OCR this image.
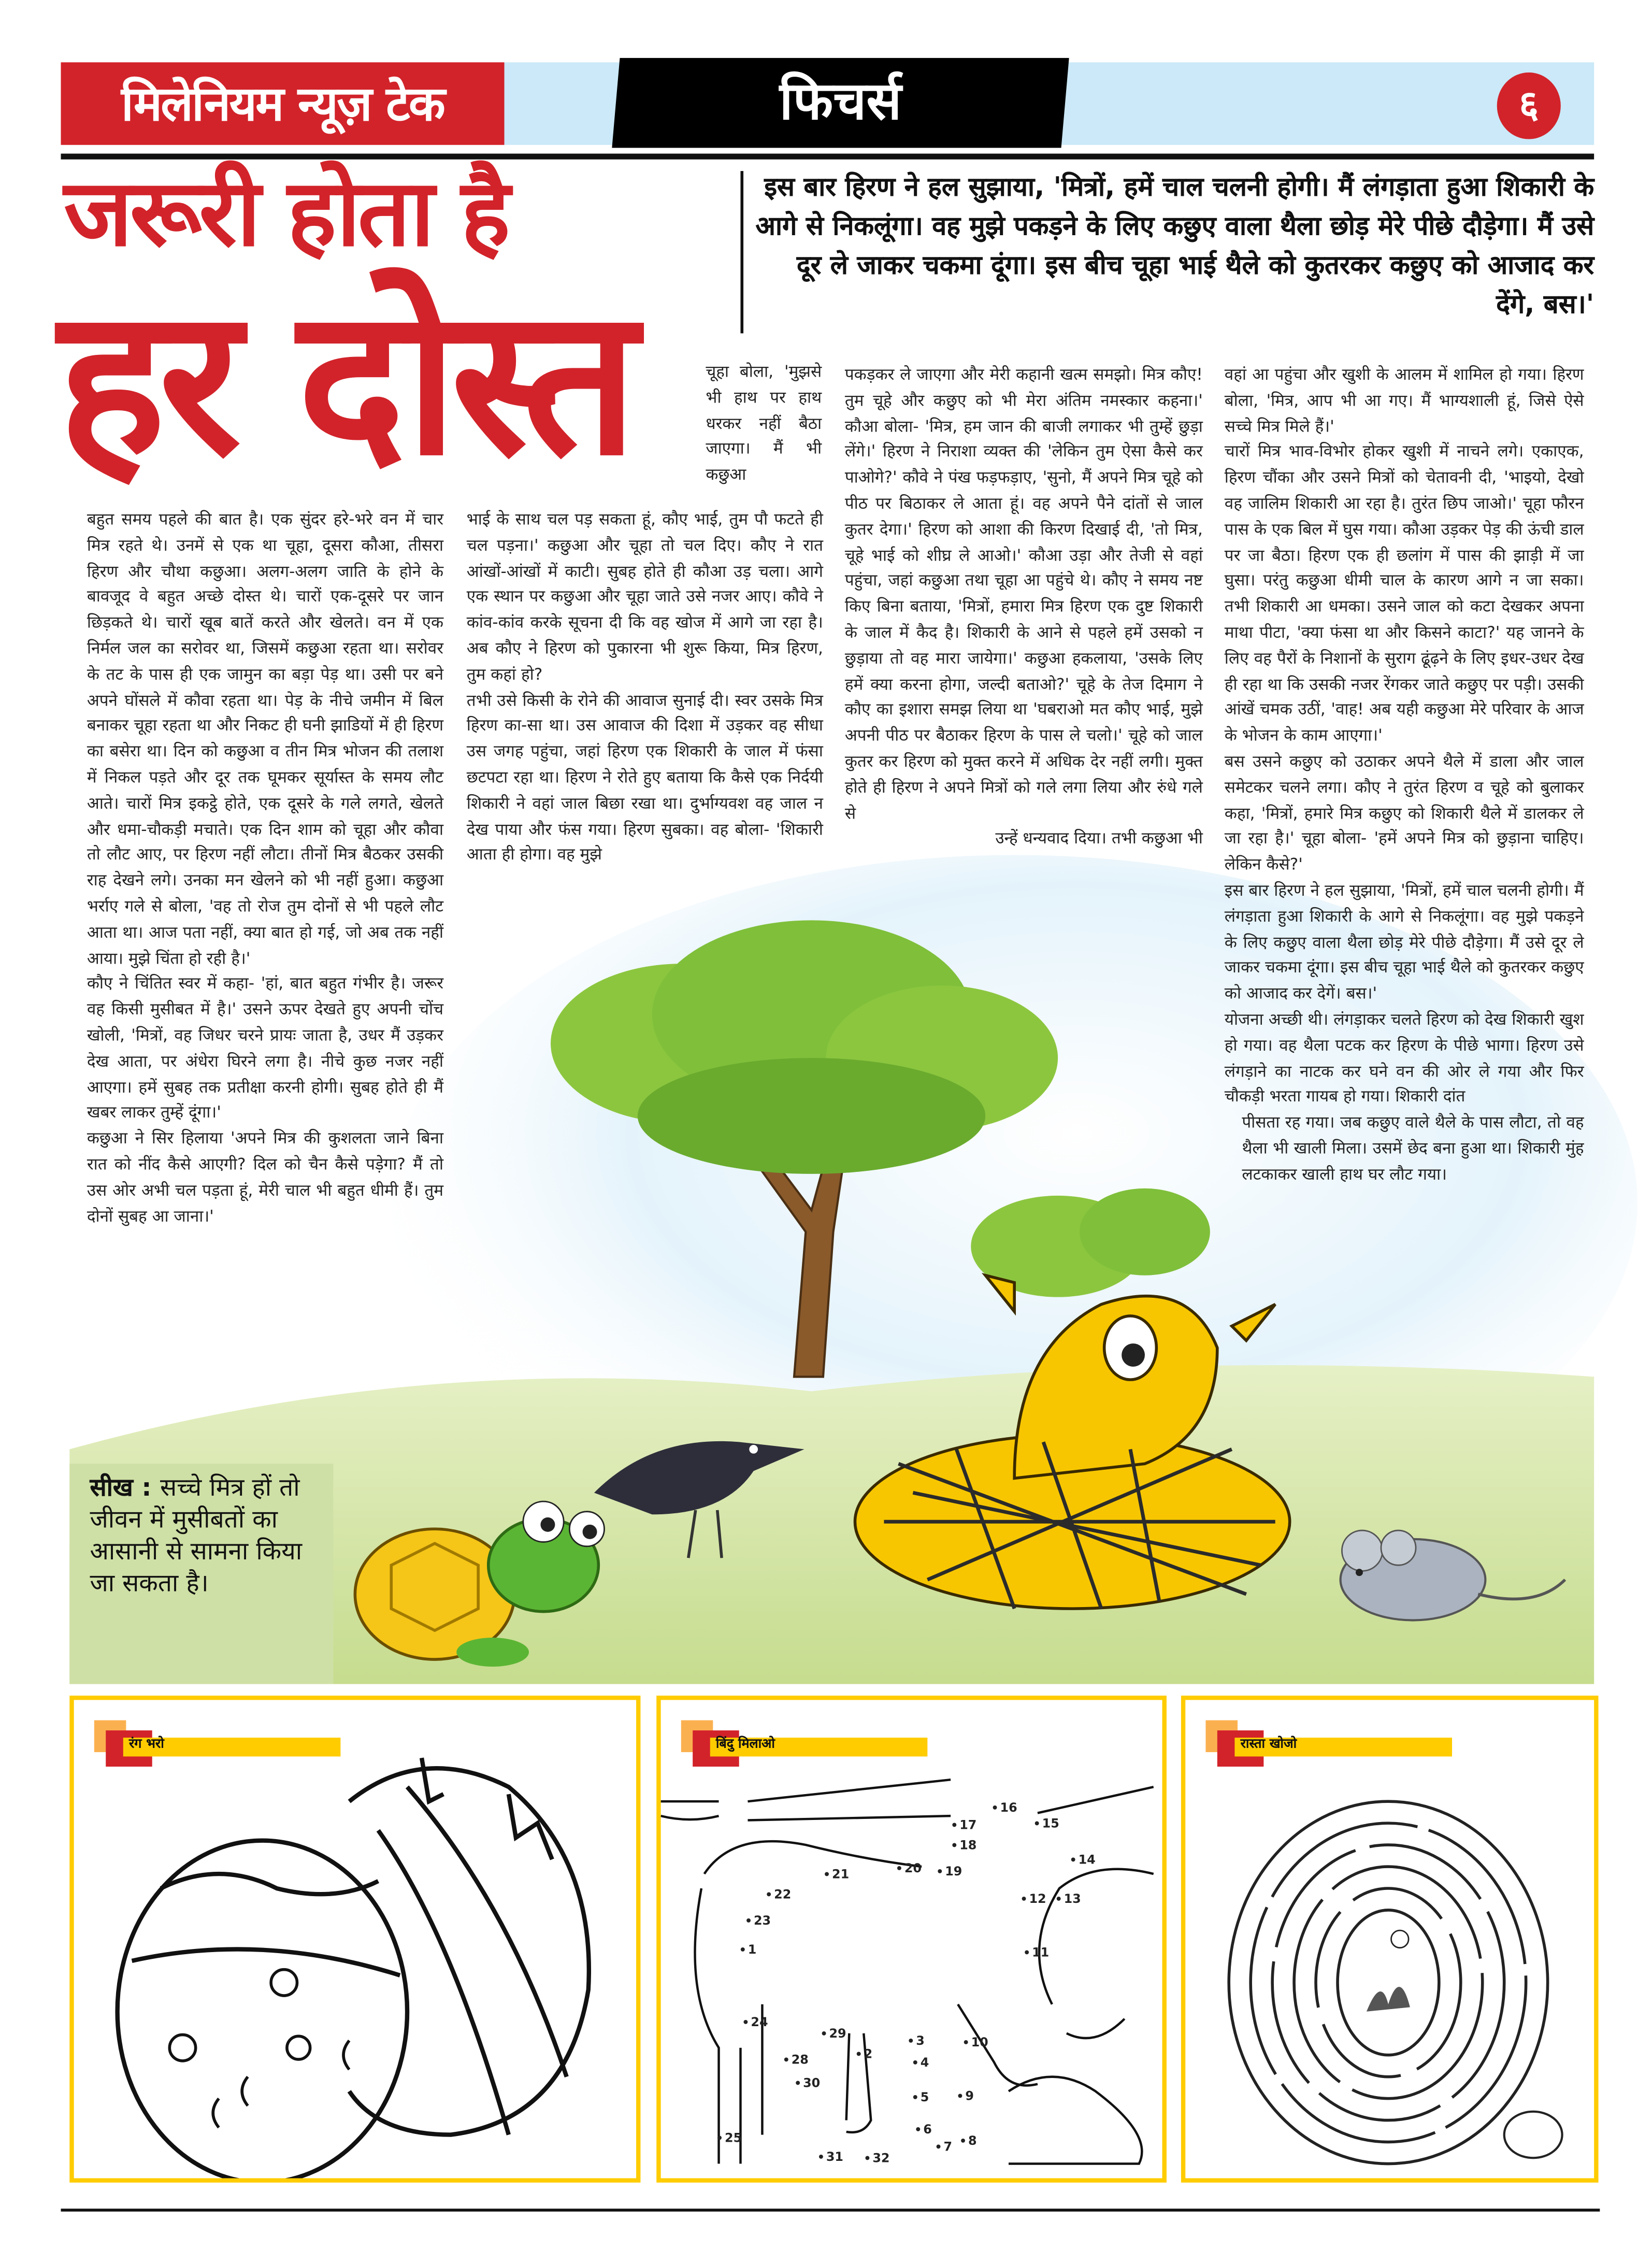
मिलेनियम न्यूज़ टेक	फिचर्स	६
जरूरी होता है
हर दोस्त
इस बार हिरण ने हल सुझाया, 'मित्रों, हमें चाल चलनी होगी। मैं लंगड़ाता हुआ शिकारी के आगे से निकलूंगा। वह मुझे पकड़ने के लिए कछुए वाला थैला छोड़ मेरे पीछे दौड़ेगा। मैं उसे दूर ले जाकर चकमा दूंगा। इस बीच चूहा भाई थैले को कुतरकर कछुए को आजाद कर देंगे, बस।'

चूहा बोला, 'मुझसे भी हाथ पर हाथ धरकर नहीं बैठा जाएगा। मैं भी कछुआ

बहुत समय पहले की बात है। एक सुंदर हरे-भरे वन में चार मित्र रहते थे। उनमें से एक था चूहा, दूसरा कौआ, तीसरा हिरण और चौथा कछुआ। अलग-अलग जाति के होने के बावजूद वे बहुत अच्छे दोस्त थे। चारों एक-दूसरे पर जान छिड़कते थे। चारों खूब बातें करते और खेलते। वन में एक निर्मल जल का सरोवर था, जिसमें कछुआ रहता था। सरोवर के तट के पास ही एक जामुन का बड़ा पेड़ था। उसी पर बने अपने घोंसले में कौवा रहता था। पेड़ के नीचे जमीन में बिल बनाकर चूहा रहता था और निकट ही घनी झाडियों में ही हिरण का बसेरा था। दिन को कछुआ व तीन मित्र भोजन की तलाश में निकल पड़ते और दूर तक घूमकर सूर्यास्त के समय लौट आते। चारों मित्र इकट्ठे होते, एक दूसरे के गले लगते, खेलते और धमा-चौकड़ी मचाते। एक दिन शाम को चूहा और कौवा तो लौट आए, पर हिरण नहीं लौटा। तीनों मित्र बैठकर उसकी राह देखने लगे। उनका मन खेलने को भी नहीं हुआ। कछुआ भर्राए गले से बोला, 'वह तो रोज तुम दोनों से भी पहले लौट आता था। आज पता नहीं, क्या बात हो गई, जो अब तक नहीं आया। मुझे चिंता हो रही है।'

कौए ने चिंतित स्वर में कहा- 'हां, बात बहुत गंभीर है। जरूर वह किसी मुसीबत में है।' उसने ऊपर देखते हुए अपनी चोंच खोली, 'मित्रों, वह जिधर चरने प्रायः जाता है, उधर मैं उड़कर देख आता, पर अंधेरा घिरने लगा है। नीचे कुछ नजर नहीं आएगा। हमें सुबह तक प्रतीक्षा करनी होगी। सुबह होते ही मैं खबर लाकर तुम्हें दूंगा।'

कछुआ ने सिर हिलाया 'अपने मित्र की कुशलता जाने बिना रात को नींद कैसे आएगी? दिल को चैन कैसे पड़ेगा? मैं तो उस ओर अभी चल पड़ता हूं, मेरी चाल भी बहुत धीमी हैं। तुम दोनों सुबह आ जाना।'

भाई के साथ चल पड़ सकता हूं, कौए भाई, तुम पौ फटते ही चल पड़ना।' कछुआ और चूहा तो चल दिए। कौए ने रात आंखों-आंखों में काटी। सुबह होते ही कौआ उड़ चला। आगे एक स्थान पर कछुआ और चूहा जाते उसे नजर आए। कौवे ने कांव-कांव करके सूचना दी कि वह खोज में आगे जा रहा है। अब कौए ने हिरण को पुकारना भी शुरू किया, मित्र हिरण, तुम कहां हो?

तभी उसे किसी के रोने की आवाज सुनाई दी। स्वर उसके मित्र हिरण का-सा था। उस आवाज की दिशा में उड़कर वह सीधा उस जगह पहुंचा, जहां हिरण एक शिकारी के जाल में फंसा छटपटा रहा था। हिरण ने रोते हुए बताया कि कैसे एक निर्दयी शिकारी ने वहां जाल बिछा रखा था। दुर्भाग्यवश वह जाल न देख पाया और फंस गया। हिरण सुबका। वह बोला- 'शिकारी आता ही होगा। वह मुझे

पकड़कर ले जाएगा और मेरी कहानी खत्म समझो। मित्र कौए! तुम चूहे और कछुए को भी मेरा अंतिम नमस्कार कहना।' कौआ बोला- 'मित्र, हम जान की बाजी लगाकर भी तुम्हें छुड़ा लेंगे।' हिरण ने निराशा व्यक्त की 'लेकिन तुम ऐसा कैसे कर पाओगे?' कौवे ने पंख फड़फड़ाए, 'सुनो, मैं अपने मित्र चूहे को पीठ पर बिठाकर ले आता हूं। वह अपने पैने दांतों से जाल कुतर देगा।' हिरण को आशा की किरण दिखाई दी, 'तो मित्र, चूहे भाई को शीघ्र ले आओ।' कौआ उड़ा और तेजी से वहां पहुंचा, जहां कछुआ तथा चूहा आ पहुंचे थे। कौए ने समय नष्ट किए बिना बताया, 'मित्रों, हमारा मित्र हिरण एक दुष्ट शिकारी के जाल में कैद है। शिकारी के आने से पहले हमें उसको न छुड़ाया तो वह मारा जायेगा।' कछुआ हकलाया, 'उसके लिए हमें क्या करना होगा, जल्दी बताओ?' चूहे के तेज दिमाग ने कौए का इशारा समझ लिया था 'घबराओ मत कौए भाई, मुझे अपनी पीठ पर बैठाकर हिरण के पास ले चलो।' चूहे को जाल कुतर कर हिरण को मुक्त करने में अधिक देर नहीं लगी। मुक्त होते ही हिरण ने अपने मित्रों को गले लगा लिया और रुंधे गले से

उन्हें धन्यवाद दिया। तभी कछुआ भी

वहां आ पहुंचा और खुशी के आलम में शामिल हो गया। हिरण बोला, 'मित्र, आप भी आ गए। मैं भाग्यशाली हूं, जिसे ऐसे सच्चे मित्र मिले हैं।'

चारों मित्र भाव-विभोर होकर खुशी में नाचने लगे। एकाएक, हिरण चौंका और उसने मित्रों को चेतावनी दी, 'भाइयो, देखो वह जालिम शिकारी आ रहा है। तुरंत छिप जाओ।' चूहा फौरन पास के एक बिल में घुस गया। कौआ उड़कर पेड़ की ऊंची डाल पर जा बैठा। हिरण एक ही छलांग में पास की झाड़ी में जा घुसा। परंतु कछुआ धीमी चाल के कारण आगे न जा सका। तभी शिकारी आ धमका। उसने जाल को कटा देखकर अपना माथा पीटा, 'क्या फंसा था और किसने काटा?' यह जानने के लिए वह पैरों के निशानों के सुराग ढूंढ़ने के लिए इधर-उधर देख ही रहा था कि उसकी नजर रेंगकर जाते कछुए पर पड़ी। उसकी आंखें चमक उठीं, 'वाह! अब यही कछुआ मेरे परिवार के आज के भोजन के काम आएगा।'

बस उसने कछुए को उठाकर अपने थैले में डाला और जाल समेटकर चलने लगा। कौए ने तुरंत हिरण व चूहे को बुलाकर कहा, 'मित्रों, हमारे मित्र कछुए को शिकारी थैले में डालकर ले जा रहा है।' चूहा बोला- 'हमें अपने मित्र को छुड़ाना चाहिए। लेकिन कैसे?'

इस बार हिरण ने हल सुझाया, 'मित्रों, हमें चाल चलनी होगी। मैं लंगड़ाता हुआ शिकारी के आगे से निकलूंगा। वह मुझे पकड़ने के लिए कछुए वाला थैला छोड़ मेरे पीछे दौड़ेगा। मैं उसे दूर ले जाकर चकमा दूंगा। इस बीच चूहा भाई थैले को कुतरकर कछुए को आजाद कर देगें। बस।'

योजना अच्छी थी। लंगड़ाकर चलते हिरण को देख शिकारी खुश हो गया। वह थैला पटक कर हिरण के पीछे भागा। हिरण उसे लंगड़ाने का नाटक कर घने वन की ओर ले गया और फिर चौकड़ी भरता गायब हो गया। शिकारी दांत

पीसता रह गया। जब कछुए वाले थैले के पास लौटा, तो वह थैला भी खाली मिला। उसमें छेद बना हुआ था। शिकारी मुंह लटकाकर खाली हाथ घर लौट गया।

सीख : सच्चे मित्र हों तो जीवन में मुसीबतों का आसानी से सामना किया जा सकता है।
रंग भरो	बिंदु मिलाओ
• 1
• 2
• 3
• 4
• 5
• 6
• 7	• 8
• 9
• 10
• 11
• 12	• 13
• 14
• 15
• 16
• 17
• 18
• 19
• 20
• 21
• 22
• 23
• 24
• 25
• 28
• 29
• 30
• 31	• 32
रास्ता खोजो
